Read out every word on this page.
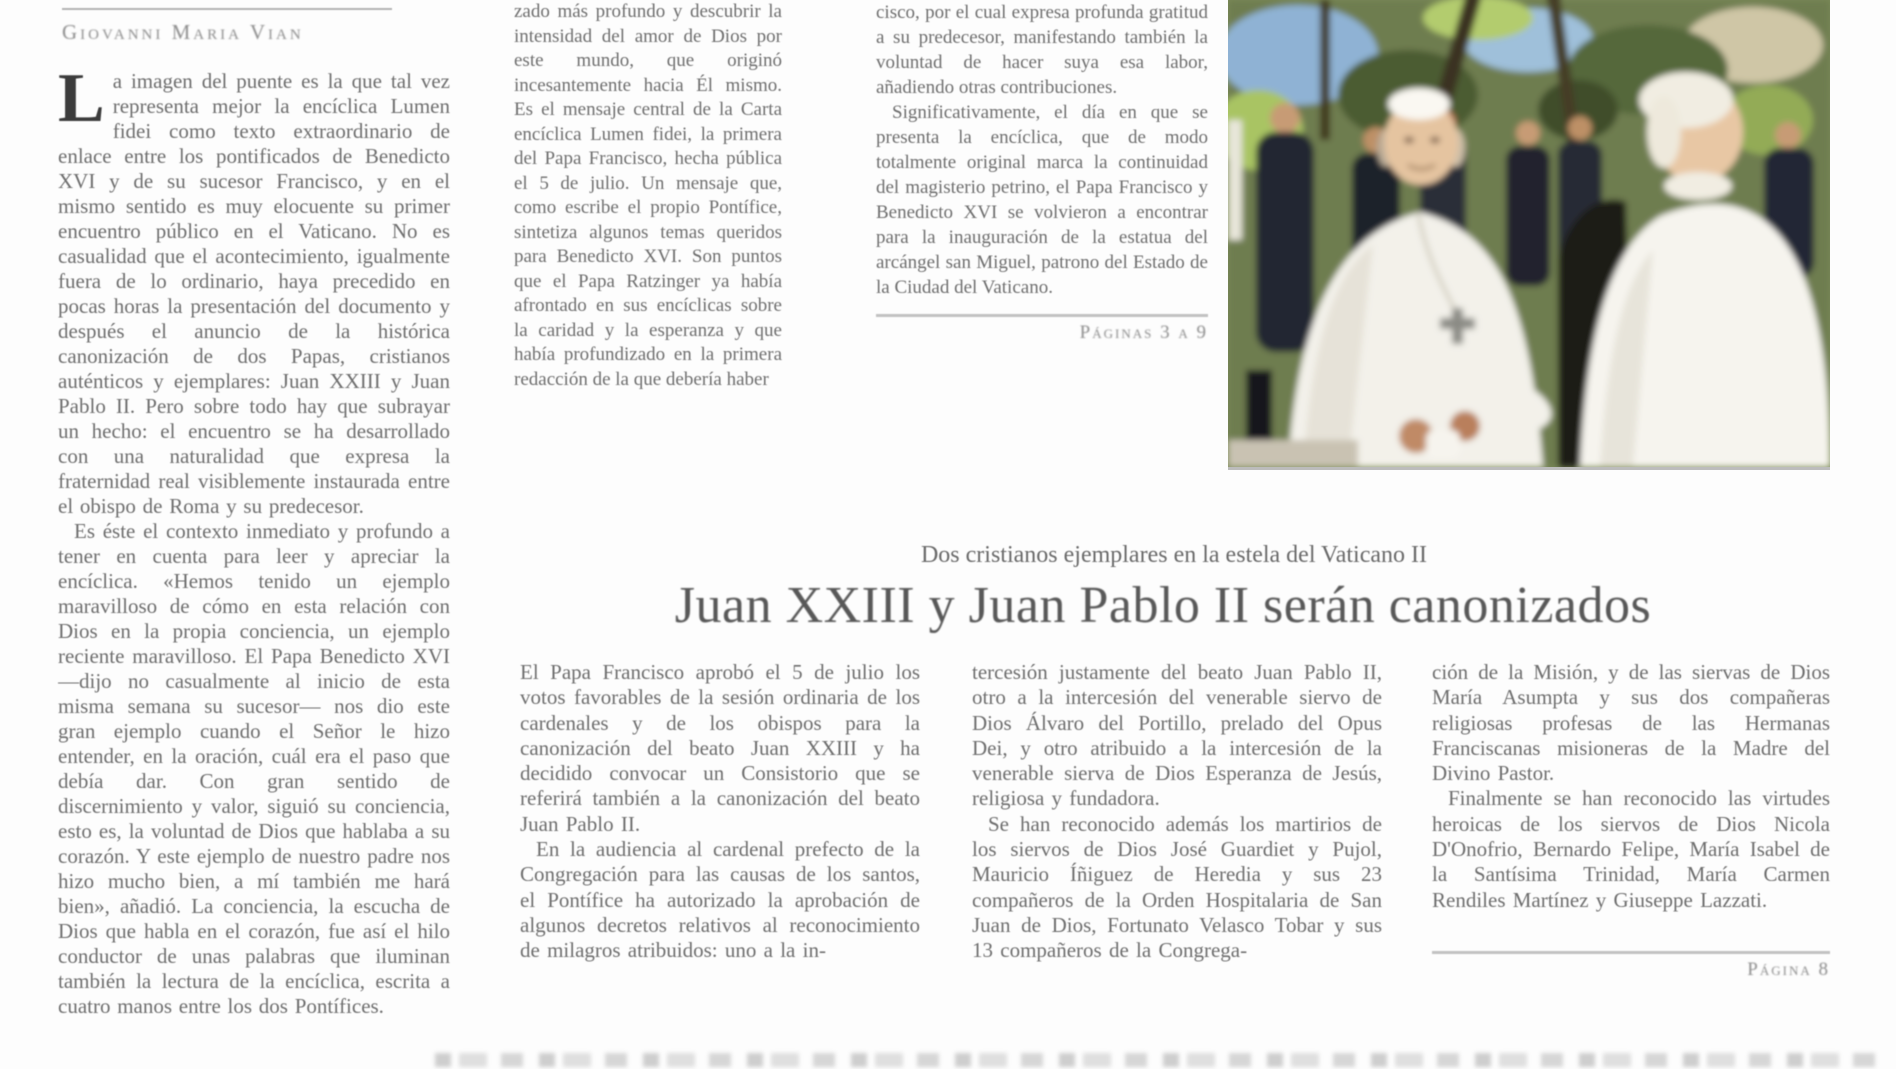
Giovanni Maria Vian

La imagen del puente es la que tal vez representa mejor la encíclica Lumen fidei como texto extraordinario de enlace entre los pontificados de Benedicto XVI y de su sucesor Francisco, y en el mismo sentido es muy elocuente su primer encuentro público en el Vaticano. No es casualidad que el acontecimiento, igualmente fuera de lo ordinario, haya precedido en pocas horas la presentación del documento y después el anuncio de la histórica canonización de dos Papas, cristianos auténticos y ejemplares: Juan XXIII y Juan Pablo II. Pero sobre todo hay que subrayar un hecho: el encuentro se ha desarrollado con una naturalidad que expresa la fraternidad real visiblemente instaurada entre el obispo de Roma y su predecesor.

Es éste el contexto inmediato y profundo a tener en cuenta para leer y apreciar la encíclica. «Hemos tenido un ejemplo maravilloso de cómo en esta relación con Dios en la propia conciencia, un ejemplo reciente maravilloso. El Papa Benedicto XVI —dijo no casualmente al inicio de esta misma semana su sucesor— nos dio este gran ejemplo cuando el Señor le hizo entender, en la oración, cuál era el paso que debía dar. Con gran sentido de discernimiento y valor, siguió su conciencia, esto es, la voluntad de Dios que hablaba a su corazón. Y este ejemplo de nuestro padre nos hizo mucho bien, a mí también me hará bien», añadió. La conciencia, la escucha de Dios que habla en el corazón, fue así el hilo conductor de unas palabras que iluminan también la lectura de la encíclica, escrita a cuatro manos entre los dos Pontífices.

zado más profundo y descubrir la intensidad del amor de Dios por este mundo, que originó incesantemente hacia Él mismo. Es el mensaje central de la Carta encíclica Lumen fidei, la primera del Papa Francisco, hecha pública el 5 de julio. Un mensaje que, como escribe el propio Pontífice, sintetiza algunos temas queridos para Benedicto XVI. Son puntos que el Papa Ratzinger ya había afrontado en sus encíclicas sobre la caridad y la esperanza y que había profundizado en la primera redacción de la que debería haber

cisco, por el cual expresa profunda gratitud a su predecesor, manifestando también la voluntad de hacer suya esa labor, añadiendo otras contribuciones.

Significativamente, el día en que se presenta la encíclica, que de modo totalmente original marca la continuidad del magisterio petrino, el Papa Francisco y Benedicto XVI se volvieron a encontrar para la inauguración de la estatua del arcángel san Miguel, patrono del Estado de la Ciudad del Vaticano.

Páginas 3 a 9
Dos cristianos ejemplares en la estela del Vaticano II
Juan XXIII y Juan Pablo II serán canonizados

El Papa Francisco aprobó el 5 de julio los votos favorables de la sesión ordinaria de los cardenales y de los obispos para la canonización del beato Juan XXIII y ha decidido convocar un Consistorio que se referirá también a la canonización del beato Juan Pablo II.

En la audiencia al cardenal prefecto de la Congregación para las causas de los santos, el Pontífice ha autorizado la aprobación de algunos decretos relativos al reconocimiento de milagros atribuidos: uno a la in-

tercesión justamente del beato Juan Pablo II, otro a la intercesión del venerable siervo de Dios Álvaro del Portillo, prelado del Opus Dei, y otro atribuido a la intercesión de la venerable sierva de Dios Esperanza de Jesús, religiosa y fundadora.

Se han reconocido además los martirios de los siervos de Dios José Guardiet y Pujol, Mauricio Íñiguez de Heredia y sus 23 compañeros de la Orden Hospitalaria de San Juan de Dios, Fortunato Velasco Tobar y sus 13 compañeros de la Congrega-

ción de la Misión, y de las siervas de Dios María Asumpta y sus dos compañeras religiosas profesas de las Hermanas Franciscanas misioneras de la Madre del Divino Pastor.

Finalmente se han reconocido las virtudes heroicas de los siervos de Dios Nicola D'Onofrio, Bernardo Felipe, María Isabel de la Santísima Trinidad, María Carmen Rendiles Martínez y Giuseppe Lazzati.

Página 8
